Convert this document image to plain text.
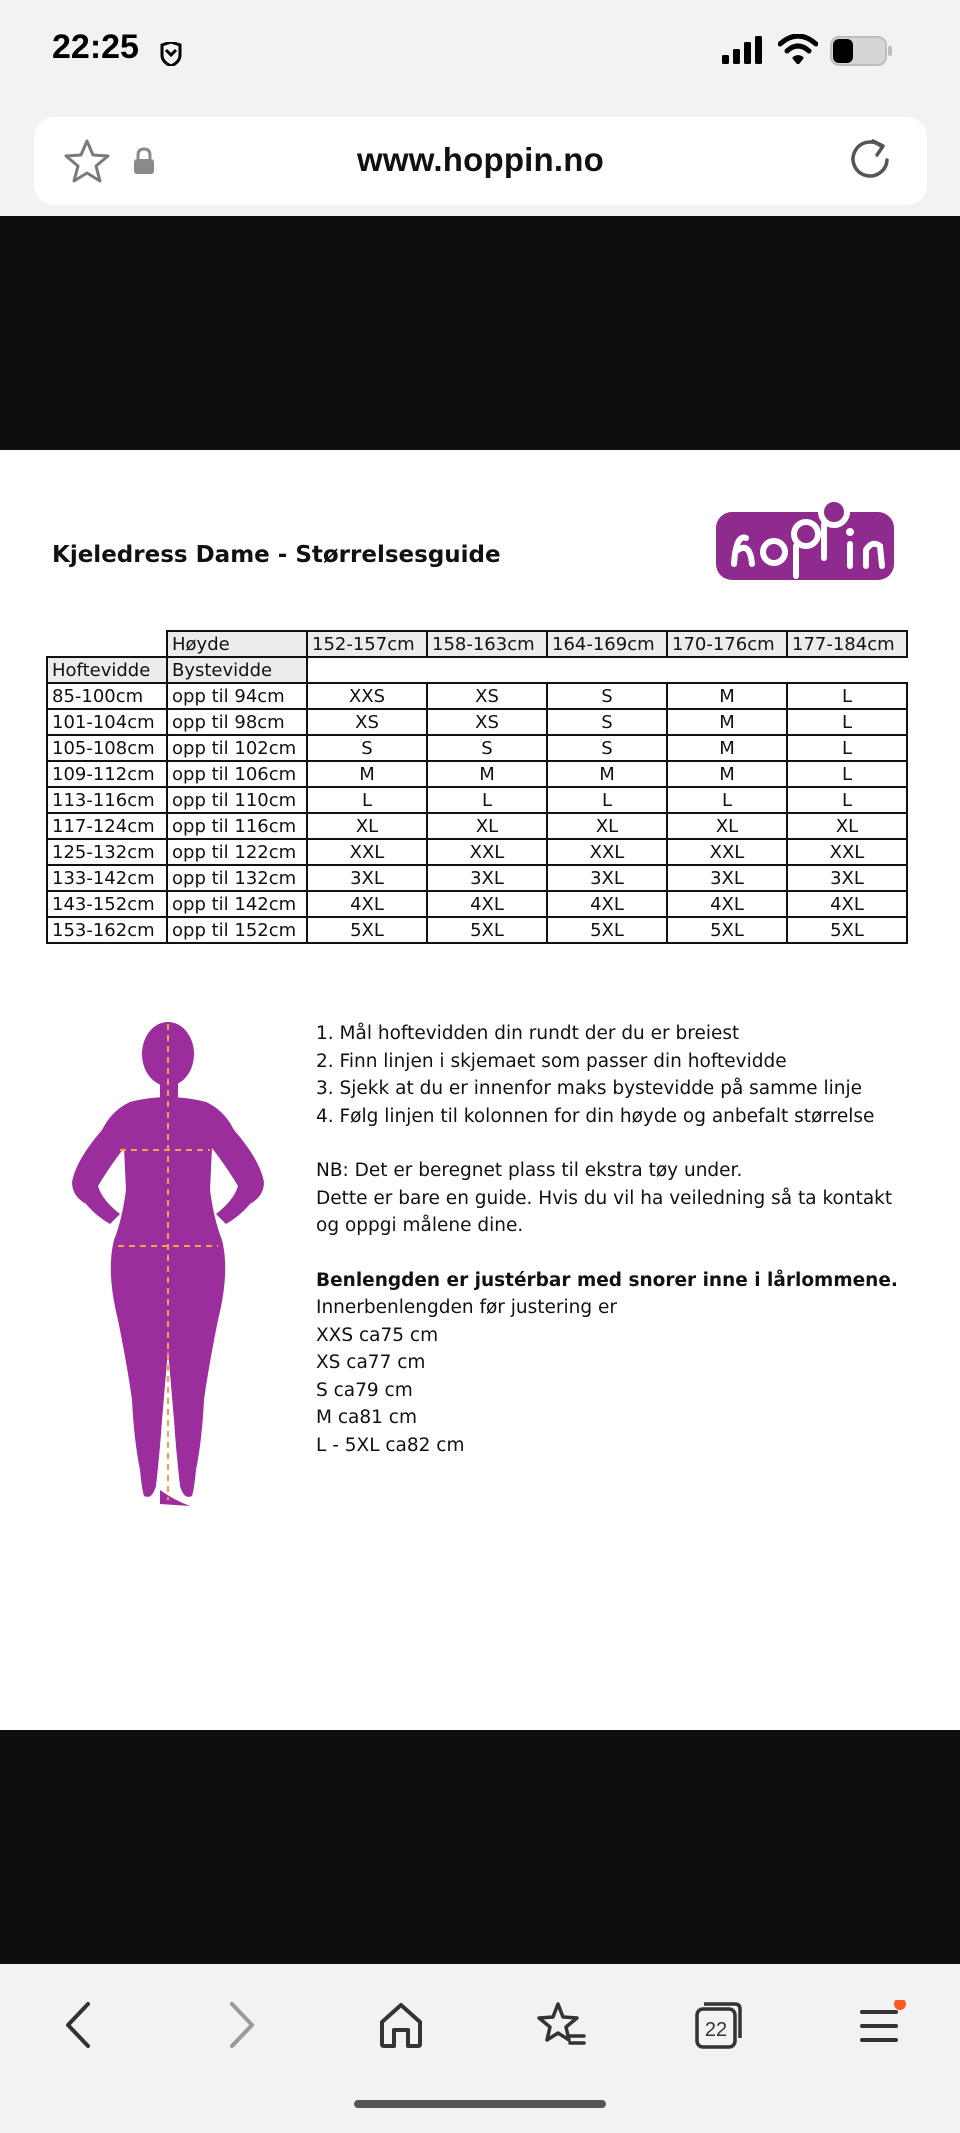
22:25
www.hoppin.no
Kjeledress Dame - Størrelsesguide
	Høyde	152-157cm	158-163cm	164-169cm	170-176cm	177-184cm
Hoftevidde	Bystevidde					
85-100cm	opp til 94cm	XXS	XS	S	M	L
101-104cm	opp til 98cm	XS	XS	S	M	L
105-108cm	opp til 102cm	S	S	S	M	L
109-112cm	opp til 106cm	M	M	M	M	L
113-116cm	opp til 110cm	L	L	L	L	L
117-124cm	opp til 116cm	XL	XL	XL	XL	XL
125-132cm	opp til 122cm	XXL	XXL	XXL	XXL	XXL
133-142cm	opp til 132cm	3XL	3XL	3XL	3XL	3XL
143-152cm	opp til 142cm	4XL	4XL	4XL	4XL	4XL
153-162cm	opp til 152cm	5XL	5XL	5XL	5XL	5XL

1. Mål hoftevidden din rundt der du er breiest

2. Finn linjen i skjemaet som passer din hoftevidde

3. Sjekk at du er innenfor maks bystevidde på samme linje

4. Følg linjen til kolonnen for din høyde og anbefalt størrelse

NB: Det er beregnet plass til ekstra tøy under.

Dette er bare en guide. Hvis du vil ha veiledning så ta kontakt

og oppgi målene dine.

Benlengden er justérbar med snorer inne i lårlommene.

Innerbenlengden før justering er

XXS ca75 cm

XS ca77 cm

S ca79 cm

M ca81 cm

L - 5XL ca82 cm

22
